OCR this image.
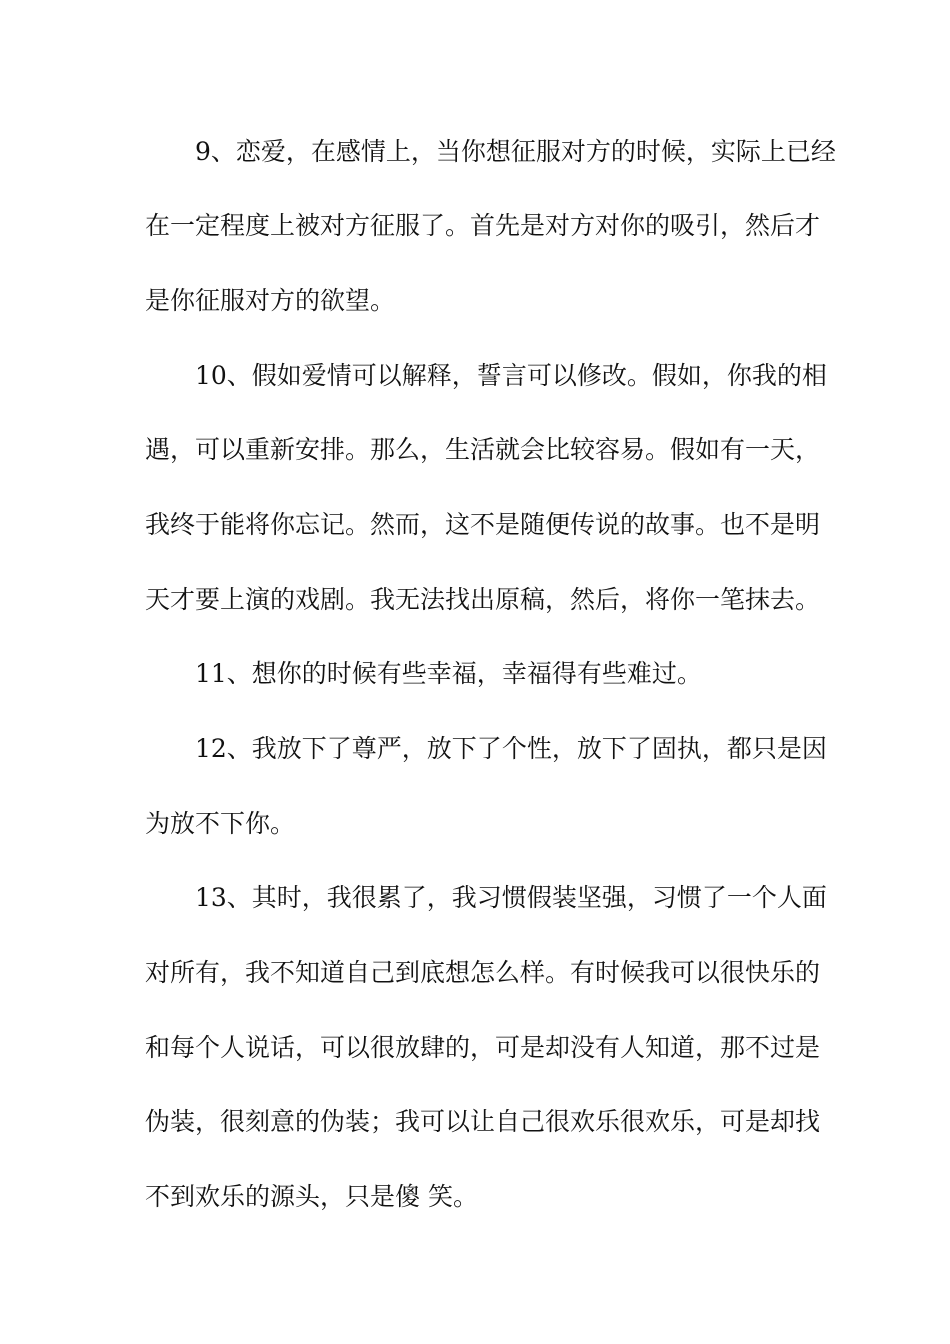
9、恋爱，在感情上，当你想征服对方的时候，实际上已经
在一定程度上被对方征服了。首先是对方对你的吸引，然后才
是你征服对方的欲望。
10、假如爱情可以解释，誓言可以修改。假如，你我的相
遇，可以重新安排。那么，生活就会比较容易。假如有一天，
我终于能将你忘记。然而，这不是随便传说的故事。也不是明
天才要上演的戏剧。我无法找出原稿，然后，将你一笔抹去。
11、想你的时候有些幸福，幸福得有些难过。
12、我放下了尊严，放下了个性，放下了固执，都只是因
为放不下你。
13、其时，我很累了，我习惯假装坚强，习惯了一个人面
对所有，我不知道自己到底想怎么样。有时候我可以很快乐的
和每个人说话，可以很放肆的，可是却没有人知道，那不过是
伪装，很刻意的伪装；我可以让自己很欢乐很欢乐，可是却找
不到欢乐的源头，只是傻 笑。
